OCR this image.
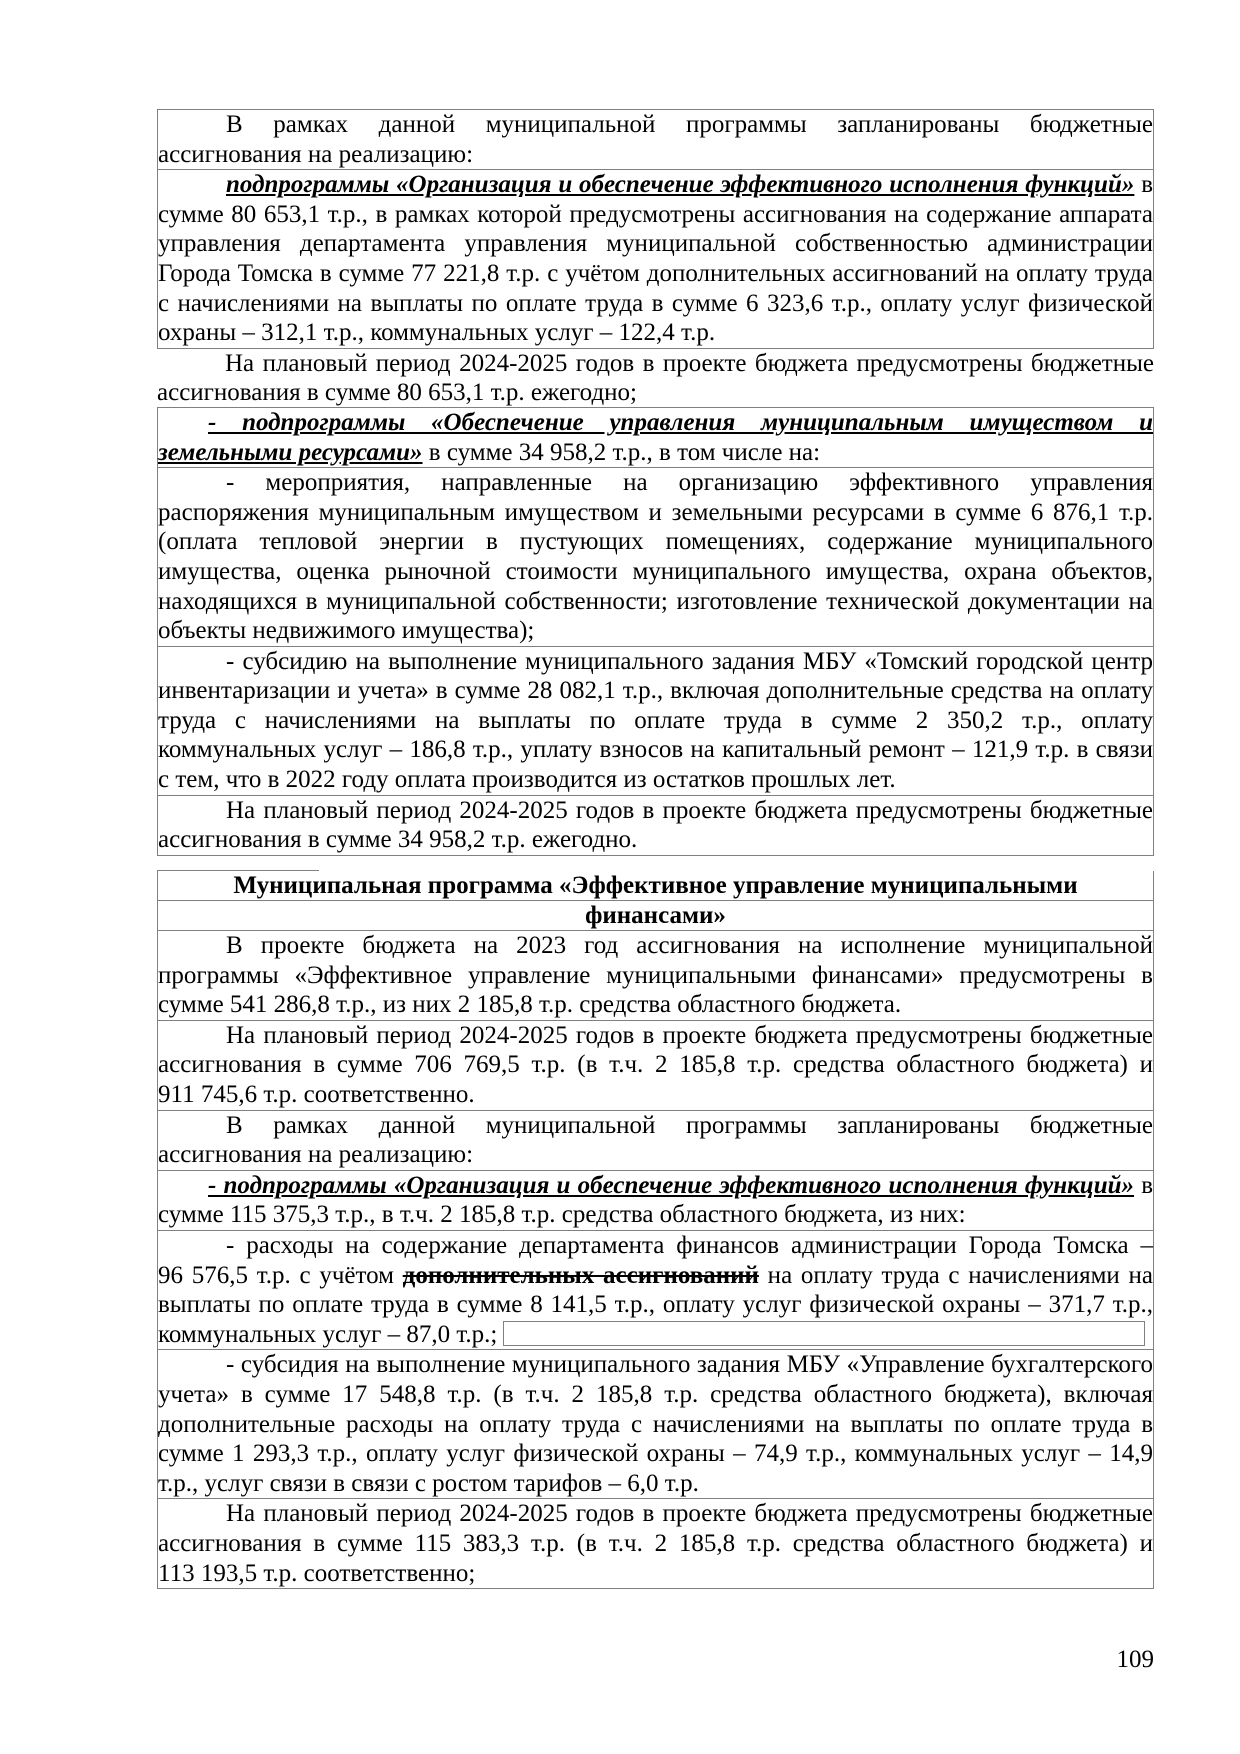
В рамках данной муниципальной программы запланированы бюджетные ассигнования на реализацию:
подпрограммы «Организация и обеспечение эффективного исполнения функций» в сумме 80 653,1 т.р., в рамках которой предусмотрены ассигнования на содержание аппарата управления департамента управления муниципальной собственностью администрации Города Томска в сумме 77 221,8 т.р. с учётом дополнительных ассигнований на оплату труда с начислениями на выплаты по оплате труда в сумме 6 323,6 т.р., оплату услуг физической охраны – 312,1 т.р., коммунальных услуг – 122,4 т.р.
На плановый период 2024-2025 годов в проекте бюджета предусмотрены бюджетные ассигнования в сумме 80 653,1 т.р. ежегодно;
- подпрограммы «Обеспечение управления муниципальным имуществом и земельными ресурсами» в сумме 34 958,2 т.р., в том числе на:
- мероприятия, направленные на организацию эффективного управления распоряжения муниципальным имуществом и земельными ресурсами в сумме 6 876,1 т.р. (оплата тепловой энергии в пустующих помещениях, содержание муниципального имущества, оценка рыночной стоимости муниципального имущества, охрана объектов, находящихся в муниципальной собственности; изготовление технической документации на объекты недвижимого имущества);
- субсидию на выполнение муниципального задания МБУ «Томский городской центр инвентаризации и учета» в сумме 28 082,1 т.р., включая дополнительные средства на оплату труда с начислениями на выплаты по оплате труда в сумме 2 350,2 т.р., оплату коммунальных услуг – 186,8 т.р., уплату взносов на капитальный ремонт – 121,9 т.р. в связи с тем, что в 2022 году оплата производится из остатков прошлых лет.
На плановый период 2024-2025 годов в проекте бюджета предусмотрены бюджетные ассигнования в сумме 34 958,2 т.р. ежегодно.
Муниципальная программа «Эффективное управление муниципальными
финансами»
В проекте бюджета на 2023 год ассигнования на исполнение муниципальной программы «Эффективное управление муниципальными финансами» предусмотрены в сумме 541 286,8 т.р., из них 2 185,8 т.р. средства областного бюджета.
На плановый период 2024-2025 годов в проекте бюджета предусмотрены бюджетные ассигнования в сумме 706 769,5 т.р. (в т.ч. 2 185,8 т.р. средства областного бюджета) и 911 745,6 т.р. соответственно.
В рамках данной муниципальной программы запланированы бюджетные ассигнования на реализацию:
- подпрограммы «Организация и обеспечение эффективного исполнения функций» в сумме 115 375,3 т.р., в т.ч. 2 185,8 т.р. средства областного бюджета, из них:
- расходы на содержание департамента финансов администрации Города Томска – 96 576,5 т.р. с учётом дополнительных ассигнований на оплату труда с начислениями на выплаты по оплате труда в сумме 8 141,5 т.р., оплату услуг физической охраны – 371,7 т.р., коммунальных услуг – 87,0 т.р.;
- субсидия на выполнение муниципального задания МБУ «Управление бухгалтерского учета» в сумме 17 548,8 т.р. (в т.ч. 2 185,8 т.р. средства областного бюджета), включая дополнительные расходы на оплату труда с начислениями на выплаты по оплате труда в сумме 1 293,3 т.р., оплату услуг физической охраны – 74,9 т.р., коммунальных услуг – 14,9 т.р., услуг связи в связи с ростом тарифов – 6,0 т.р.
На плановый период 2024-2025 годов в проекте бюджета предусмотрены бюджетные ассигнования в сумме 115 383,3 т.р. (в т.ч. 2 185,8 т.р. средства областного бюджета) и 113 193,5 т.р. соответственно;
109
